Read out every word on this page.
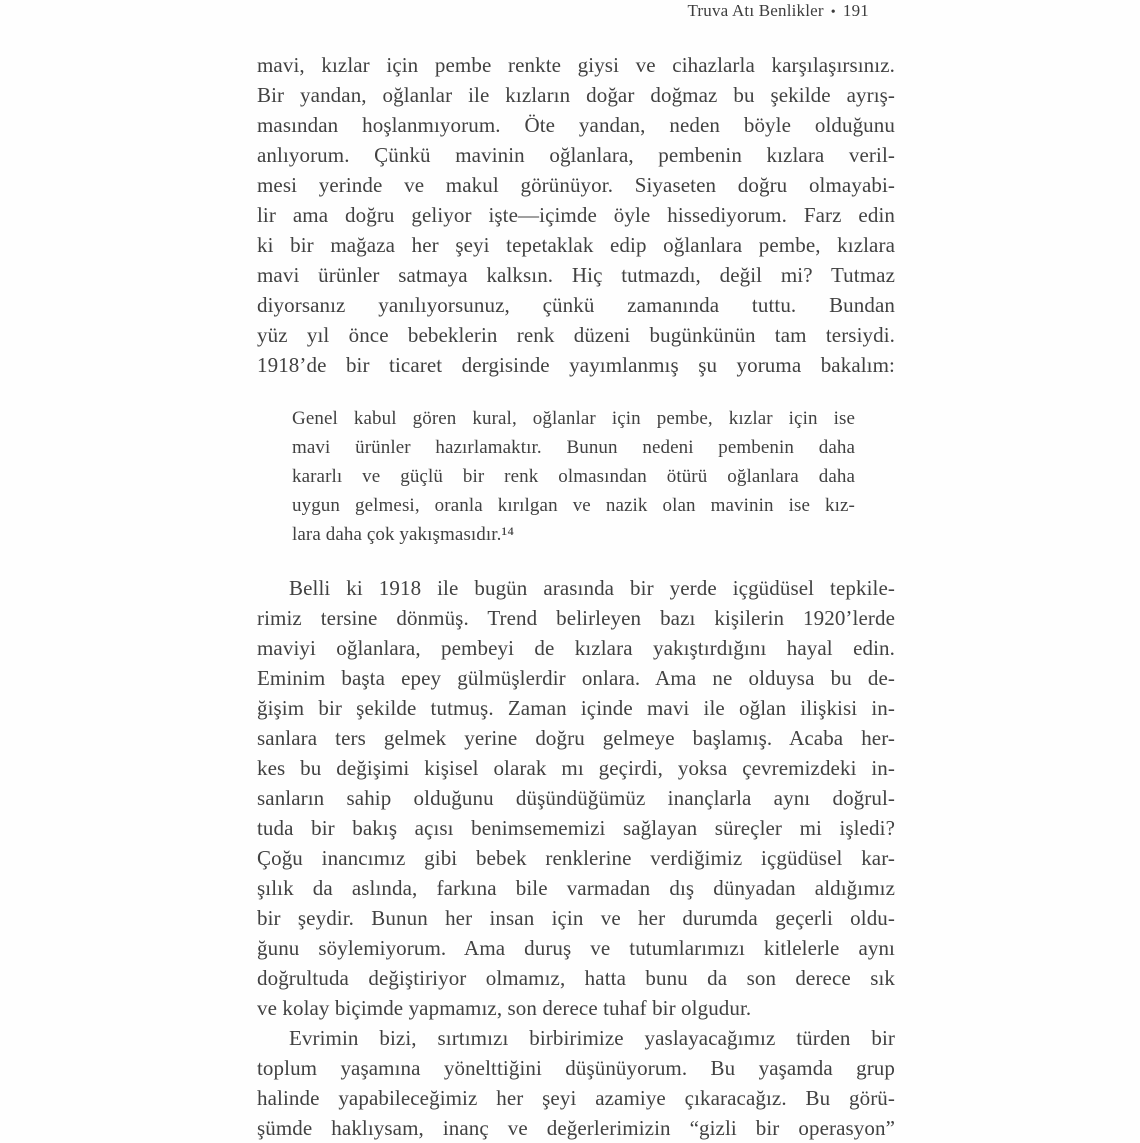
Truva Atı Benlikler • 191
mavi, kızlar için pembe renkte giysi ve cihazlarla karşılaşırsınız.
Bir yandan, oğlanlar ile kızların doğar doğmaz bu şekilde ayrış-
masından hoşlanmıyorum. Öte yandan, neden böyle olduğunu
anlıyorum. Çünkü mavinin oğlanlara, pembenin kızlara veril-
mesi yerinde ve makul görünüyor. Siyaseten doğru olmayabi-
lir ama doğru geliyor işte—içimde öyle hissediyorum. Farz edin
ki bir mağaza her şeyi tepetaklak edip oğlanlara pembe, kızlara
mavi ürünler satmaya kalksın. Hiç tutmazdı, değil mi? Tutmaz
diyorsanız yanılıyorsunuz, çünkü zamanında tuttu. Bundan
yüz yıl önce bebeklerin renk düzeni bugünkünün tam tersiydi.
1918’de bir ticaret dergisinde yayımlanmış şu yoruma bakalım:
Genel kabul gören kural, oğlanlar için pembe, kızlar için ise
mavi ürünler hazırlamaktır. Bunun nedeni pembenin daha
kararlı ve güçlü bir renk olmasından ötürü oğlanlara daha
uygun gelmesi, oranla kırılgan ve nazik olan mavinin ise kız-
lara daha çok yakışmasıdır.¹⁴
Belli ki 1918 ile bugün arasında bir yerde içgüdüsel tepkile-
rimiz tersine dönmüş. Trend belirleyen bazı kişilerin 1920’lerde
maviyi oğlanlara, pembeyi de kızlara yakıştırdığını hayal edin.
Eminim başta epey gülmüşlerdir onlara. Ama ne olduysa bu de-
ğişim bir şekilde tutmuş. Zaman içinde mavi ile oğlan ilişkisi in-
sanlara ters gelmek yerine doğru gelmeye başlamış. Acaba her-
kes bu değişimi kişisel olarak mı geçirdi, yoksa çevremizdeki in-
sanların sahip olduğunu düşündüğümüz inançlarla aynı doğrul-
tuda bir bakış açısı benimsememizi sağlayan süreçler mi işledi?
Çoğu inancımız gibi bebek renklerine verdiğimiz içgüdüsel kar-
şılık da aslında, farkına bile varmadan dış dünyadan aldığımız
bir şeydir. Bunun her insan için ve her durumda geçerli oldu-
ğunu söylemiyorum. Ama duruş ve tutumlarımızı kitlelerle aynı
doğrultuda değiştiriyor olmamız, hatta bunu da son derece sık
ve kolay biçimde yapmamız, son derece tuhaf bir olgudur.
Evrimin bizi, sırtımızı birbirimize yaslayacağımız türden bir
toplum yaşamına yönelttiğini düşünüyorum. Bu yaşamda grup
halinde yapabileceğimiz her şeyi azamiye çıkaracağız. Bu görü-
şümde haklıysam, inanç ve değerlerimizin “gizli bir operasyon”
